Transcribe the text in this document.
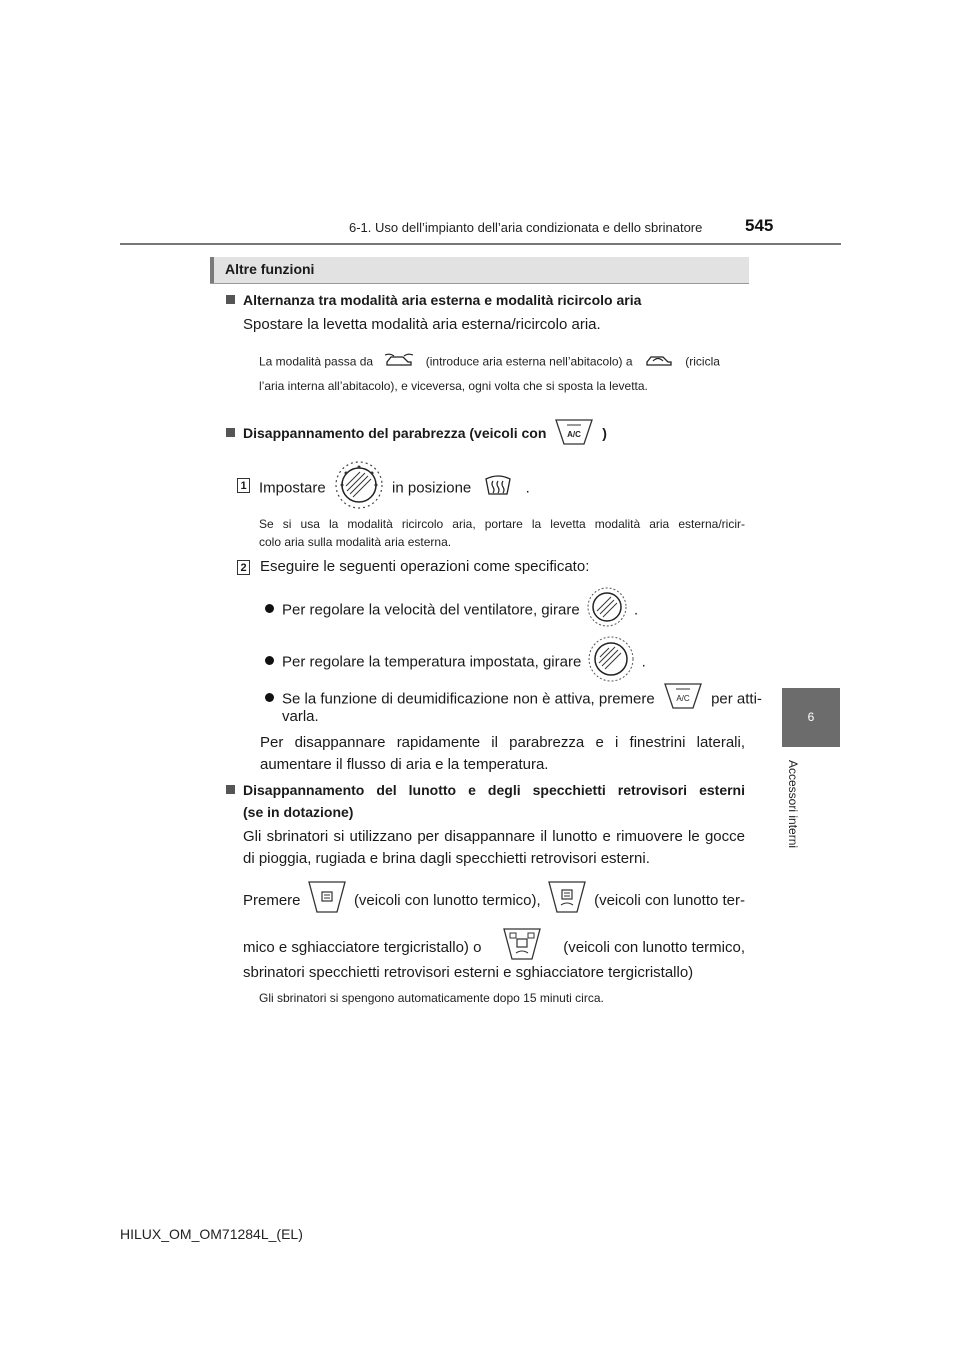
6-1. Uso dell’impianto dell’aria condizionata e dello sbrinatore	545
6
Accessori interni
Altre funzioni
Alternanza tra modalità aria esterna e modalità ricircolo aria
Spostare la levetta modalità aria esterna/ricircolo aria.
La modalità passa da	(introduce aria esterna nell’abitacolo) a	(ricicla
l’aria interna all’abitacolo), e viceversa, ogni volta che si sposta la levetta.
Disappannamento del parabrezza (veicoli con	A/C )
1 Impostare	in posizione	.
Se si usa la modalità ricircolo aria, portare la levetta modalità aria esterna/ricir-
colo aria sulla modalità aria esterna.
2 Eseguire le seguenti operazioni come specificato:
Per regolare la velocità del ventilatore, girare	.
Per regolare la temperatura impostata, girare	.
Se la funzione di deumidificazione non è attiva, premere	A/C per atti-
varla.
Per disappannare rapidamente il parabrezza e i finestrini laterali,
aumentare il flusso di aria e la temperatura.
Disappannamento del lunotto e degli specchietti retrovisori esterni
(se in dotazione)
Gli sbrinatori si utilizzano per disappannare il lunotto e rimuovere le gocce
di pioggia, rugiada e brina dagli specchietti retrovisori esterni.
Premere	(veicoli con lunotto termico),	(veicoli con lunotto ter-
mico e sghiacciatore tergicristallo) o	(veicoli con lunotto termico,
sbrinatori specchietti retrovisori esterni e sghiacciatore tergicristallo)
Gli sbrinatori si spengono automaticamente dopo 15 minuti circa.
HILUX_OM_OM71284L_(EL)
